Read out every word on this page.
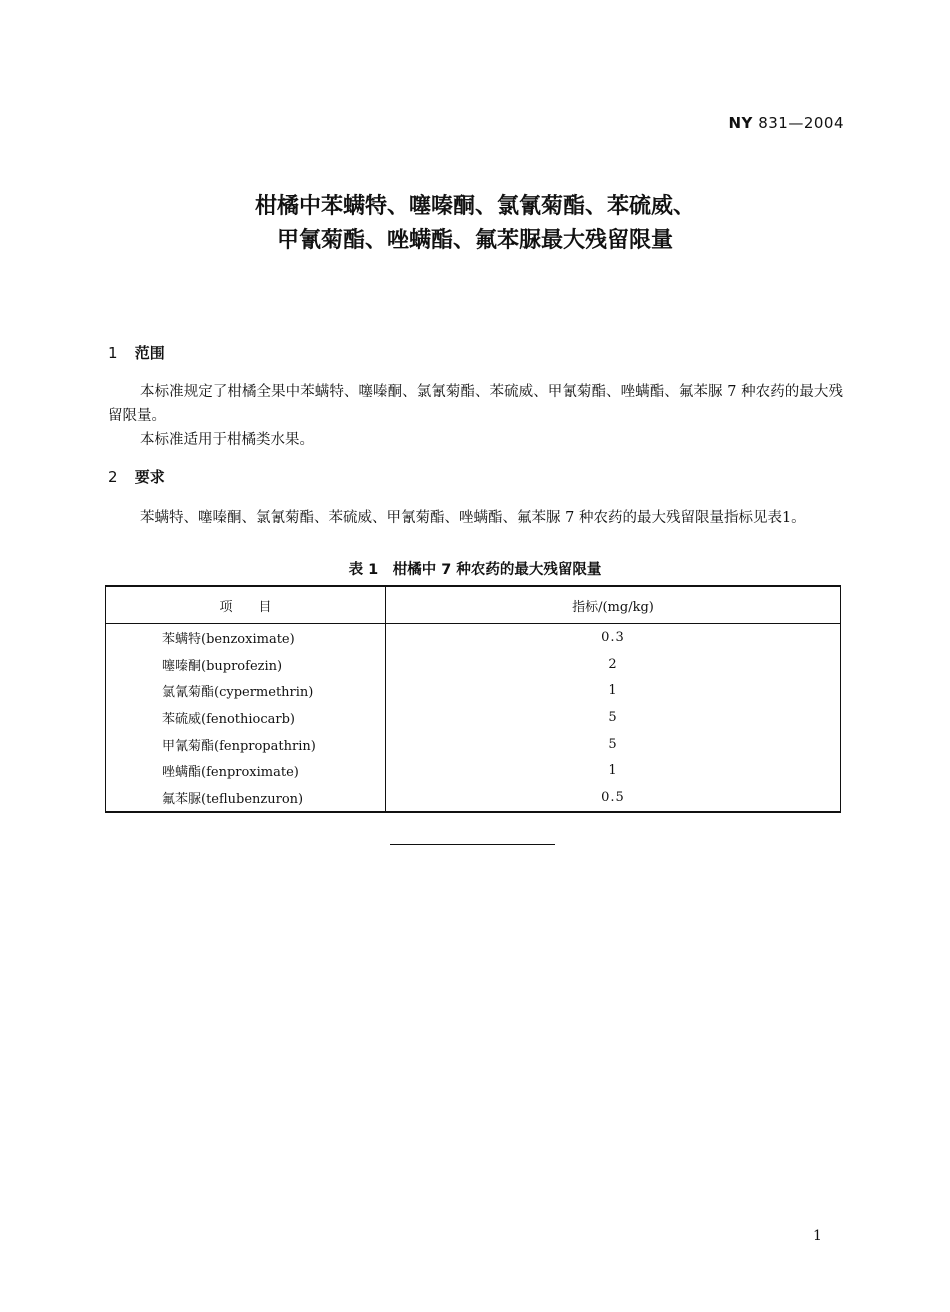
NY 831—2004
柑橘中苯螨特、噻嗪酮、氯氰菊酯、苯硫威、
甲氰菊酯、唑螨酯、氟苯脲最大残留限量
1 范围
本标准规定了柑橘全果中苯螨特、噻嗪酮、氯氰菊酯、苯硫威、甲氰菊酯、唑螨酯、氟苯脲 7 种农药的最大残留限量。
本标准适用于柑橘类水果。
2 要求
苯螨特、噻嗪酮、氯氰菊酯、苯硫威、甲氰菊酯、唑螨酯、氟苯脲 7 种农药的最大残留限量指标见表1。
表 1　柑橘中 7 种农药的最大残留限量
项　　目	指标/(mg/kg)
苯螨特(benzoximate)	0.3
噻嗪酮(buprofezin)	2
氯氰菊酯(cypermethrin)	1
苯硫威(fenothiocarb)	5
甲氰菊酯(fenpropathrin)	5
唑螨酯(fenproximate)	1
氟苯脲(teflubenzuron)	0.5
1
